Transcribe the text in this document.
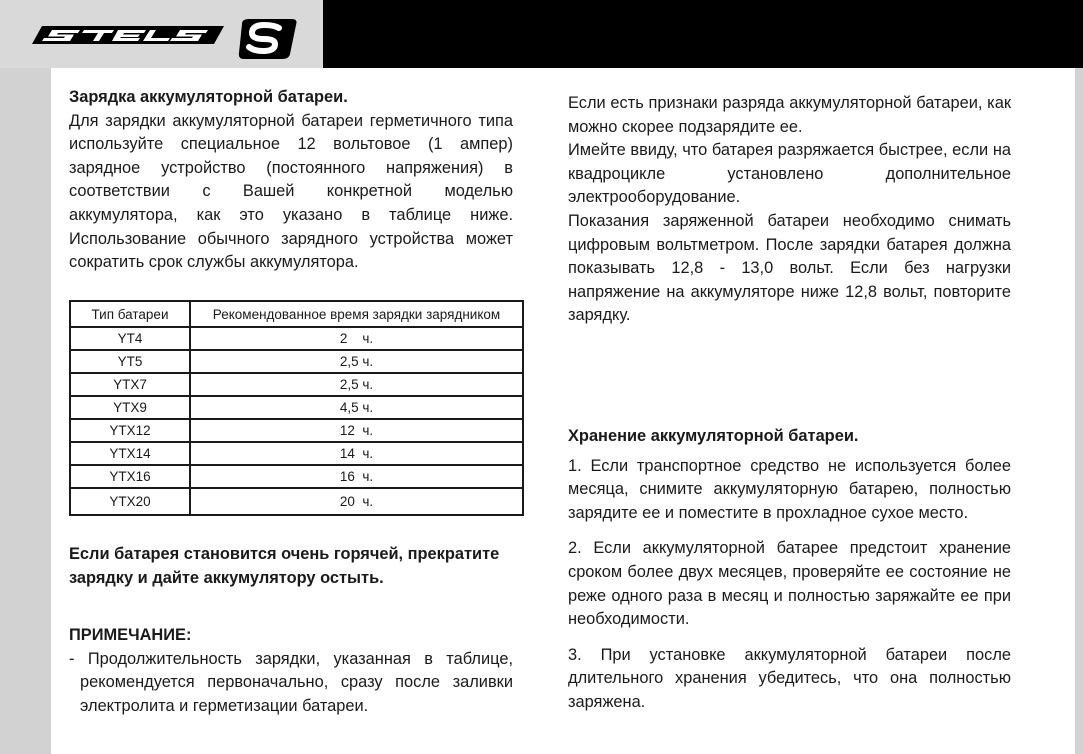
Зарядка аккумуляторной батареи.

Для зарядки аккумуляторной батареи герметичного типа используйте специальное 12 вольтовое (1 ампер) зарядное устройство (постоянного напряжения) в соответствии с Вашей конкретной моделью аккумулятора, как это указано в таблице ниже. Использование обычного зарядного устройства может сократить срок службы аккумулятора.

Тип батареи	Рекомендованное время зарядки зарядником
YT4	2    ч.
YT5	2,5 ч.
YTX7	2,5 ч.
YTX9	4,5 ч.
YTX12	12  ч.
YTX14	14  ч.
YTX16	16  ч.
YTX20	20  ч.
Если батарея становится очень горячей, прекратите зарядку и дайте аккумулятору остыть.
ПРИМЕЧАНИЕ:

- Продолжительность зарядки, указанная в таблице, рекомендуется первоначально, сразу после заливки электролита и герметизации батареи.

Если есть признаки разряда аккумуляторной батареи, как можно скорее подзарядите ее.

Имейте ввиду, что батарея разряжается быстрее, если на квадроцикле установлено дополнительное электрооборудование.

Показания заряженной батареи необходимо снимать цифровым вольтметром. После зарядки батарея должна показывать 12,8 - 13,0 вольт. Если без нагрузки напряжение на аккумуляторе ниже 12,8 вольт, повторите зарядку.

Хранение аккумуляторной батареи.

1. Если транспортное средство не используется более месяца, снимите аккумуляторную батарею, полностью зарядите ее и поместите в прохладное сухое место.

2. Если аккумуляторной батарее предстоит хранение сроком более двух месяцев, проверяйте ее состояние не реже одного раза в месяц и полностью заряжайте ее при необходимости.

3. При установке аккумуляторной батареи после длительного хранения убедитесь, что она полностью заряжена.
